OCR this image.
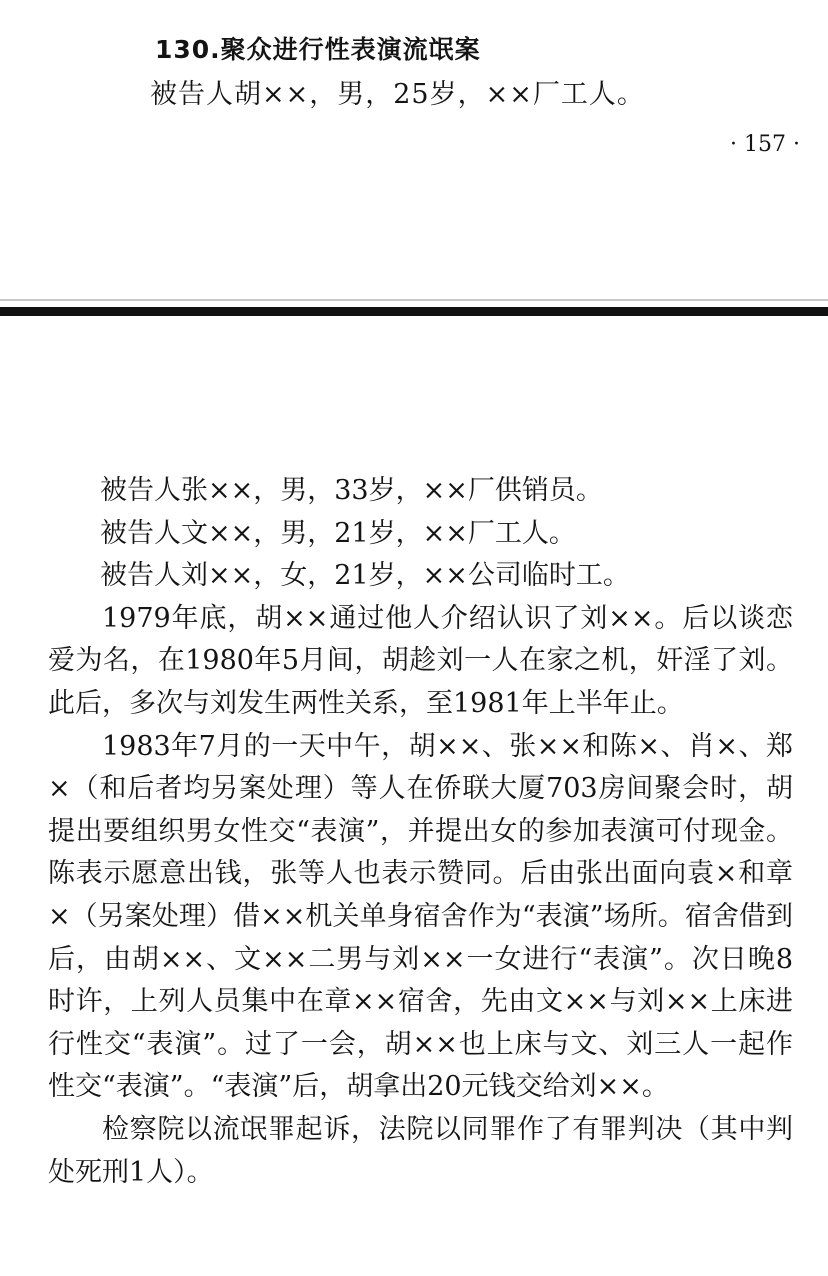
130.聚众进行性表演流氓案
被告人胡××，男，25岁，××厂工人。
· 157 ·

被告人张××，男，33岁，××厂供销员。

被告人文××，男，21岁，××厂工人。

被告人刘××，女，21岁，××公司临时工。

1979年底，胡××通过他人介绍认识了刘××。后以谈恋爱为名，在1980年5月间，胡趁刘一人在家之机，奸淫了刘。此后，多次与刘发生两性关系，至1981年上半年止。

1983年7月的一天中午，胡××、张××和陈×、肖×、郑×（和后者均另案处理）等人在侨联大厦703房间聚会时，胡提出要组织男女性交“表演”，并提出女的参加表演可付现金。陈表示愿意出钱，张等人也表示赞同。后由张出面向袁×和章×（另案处理）借××机关单身宿舍作为“表演”场所。宿舍借到后，由胡××、文××二男与刘××一女进行“表演”。次日晚8时许，上列人员集中在章××宿舍，先由文××与刘××上床进行性交“表演”。过了一会，胡××也上床与文、刘三人一起作性交“表演”。“表演”后，胡拿出20元钱交给刘××。

检察院以流氓罪起诉，法院以同罪作了有罪判决（其中判处死刑1人）。
